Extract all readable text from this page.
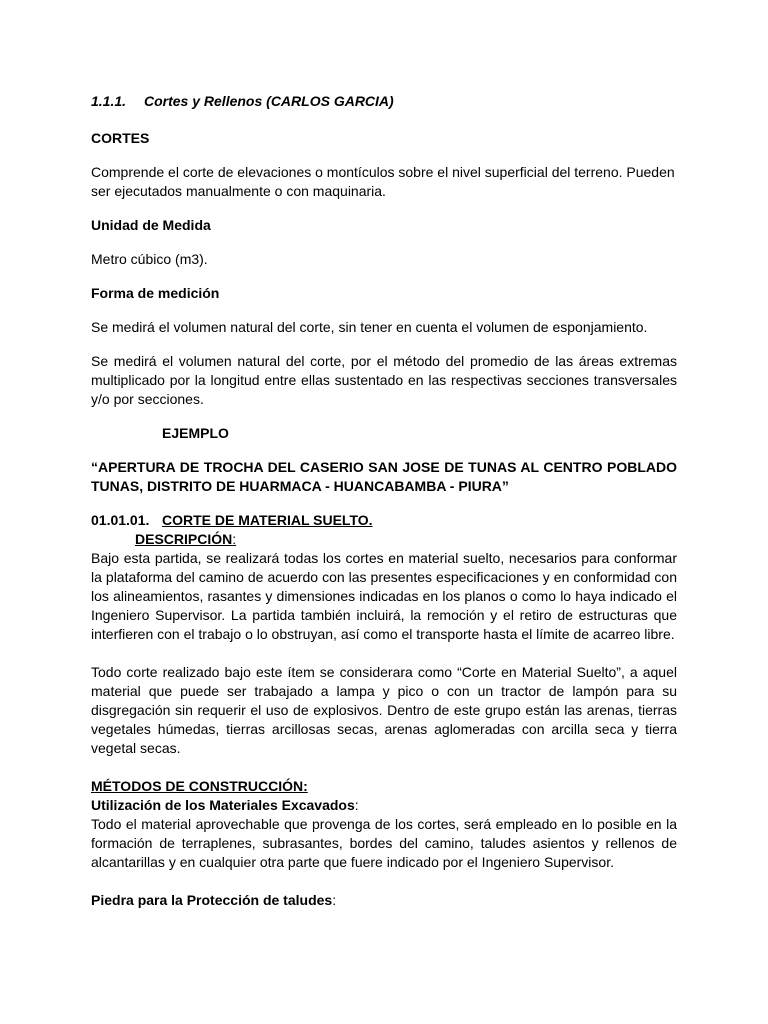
1.1.1. Cortes y Rellenos (CARLOS GARCIA)

CORTES

Comprende el corte de elevaciones o montículos sobre el nivel superficial del terreno. Pueden ser ejecutados manualmente o con maquinaria.

Unidad de Medida

Metro cúbico (m3).

Forma de medición

Se medirá el volumen natural del corte, sin tener en cuenta el volumen de esponjamiento.

Se medirá el volumen natural del corte, por el método del promedio de las áreas extremas multiplicado por la longitud entre ellas sustentado en las respectivas secciones transversales y/o por secciones.

EJEMPLO

“APERTURA DE TROCHA DEL CASERIO SAN JOSE DE TUNAS AL CENTRO POBLADO TUNAS, DISTRITO DE HUARMACA - HUANCABAMBA - PIURA”

01.01.01. CORTE DE MATERIAL SUELTO.

DESCRIPCIÓN:

Bajo esta partida, se realizará todas los cortes en material suelto, necesarios para conformar la plataforma del camino de acuerdo con las presentes especificaciones y en conformidad con los alineamientos, rasantes y dimensiones indicadas en los planos o como lo haya indicado el Ingeniero Supervisor. La partida también incluirá, la remoción y el retiro de estructuras que interfieren con el trabajo o lo obstruyan, así como el transporte hasta el límite de acarreo libre.

Todo corte realizado bajo este ítem se considerara como “Corte en Material Suelto”, a aquel material que puede ser trabajado a lampa y pico o con un tractor de lampón para su disgregación sin requerir el uso de explosivos. Dentro de este grupo están las arenas, tierras vegetales húmedas, tierras arcillosas secas, arenas aglomeradas con arcilla seca y tierra vegetal secas.

MÉTODOS DE CONSTRUCCIÓN:

Utilización de los Materiales Excavados:

Todo el material aprovechable que provenga de los cortes, será empleado en lo posible en la formación de terraplenes, subrasantes, bordes del camino, taludes asientos y rellenos de alcantarillas y en cualquier otra parte que fuere indicado por el Ingeniero Supervisor.

Piedra para la Protección de taludes:
